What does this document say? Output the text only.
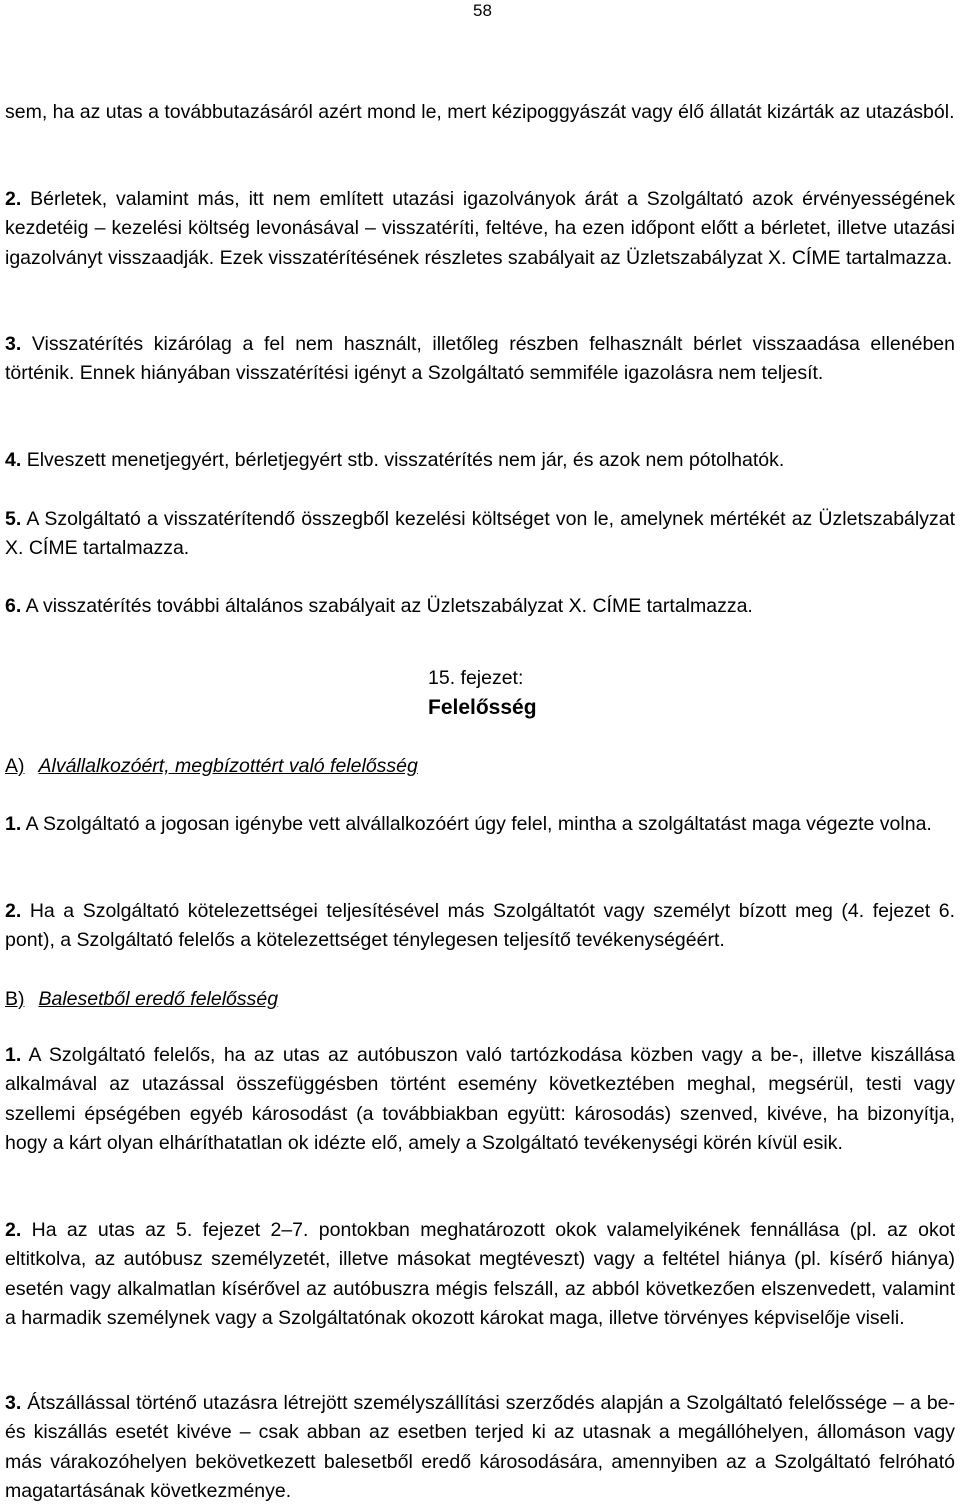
58

sem, ha az utas a továbbutazásáról azért mond le, mert kézipoggyászát vagy élő állatát kizárták az utazásból.

2. Bérletek, valamint más, itt nem említett utazási igazolványok árát a Szolgáltató azok érvényességének kezdetéig – kezelési költség levonásával – visszatéríti, feltéve, ha ezen időpont előtt a bérletet, illetve utazási igazolványt visszaadják. Ezek visszatérítésének részletes szabályait az Üzletszabályzat X. CÍME tartalmazza.

3. Visszatérítés kizárólag a fel nem használt, illetőleg részben felhasznált bérlet visszaadása ellenében történik. Ennek hiányában visszatérítési igényt a Szolgáltató semmiféle igazolásra nem teljesít.

4. Elveszett menetjegyért, bérletjegyért stb. visszatérítés nem jár, és azok nem pótolhatók.

5. A Szolgáltató a visszatérítendő összegből kezelési költséget von le, amelynek mértékét az Üzletszabályzat X. CÍME tartalmazza.

6. A visszatérítés további általános szabályait az Üzletszabályzat X. CÍME tartalmazza.

15. fejezet:
Felelősség
A) Alvállalkozóért, megbízottért való felelősség

1. A Szolgáltató a jogosan igénybe vett alvállalkozóért úgy felel, mintha a szolgáltatást maga végezte volna.

2. Ha a Szolgáltató kötelezettségei teljesítésével más Szolgáltatót vagy személyt bízott meg (4. fejezet 6. pont), a Szolgáltató felelős a kötelezettséget ténylegesen teljesítő tevékenységéért.

B) Balesetből eredő felelősség

1. A Szolgáltató felelős, ha az utas az autóbuszon való tartózkodása közben vagy a be-, illetve kiszállása alkalmával az utazással összefüggésben történt esemény következtében meghal, megsérül, testi vagy szellemi épségében egyéb károsodást (a továbbiakban együtt: károsodás) szenved, kivéve, ha bizonyítja, hogy a kárt olyan elháríthatatlan ok idézte elő, amely a Szolgáltató tevékenységi körén kívül esik.

2. Ha az utas az 5. fejezet 2–7. pontokban meghatározott okok valamelyikének fennállása (pl. az okot eltitkolva, az autóbusz személyzetét, illetve másokat megtéveszt) vagy a feltétel hiánya (pl. kísérő hiánya) esetén vagy alkalmatlan kísérővel az autóbuszra mégis felszáll, az abból következően elszenvedett, valamint a harmadik személynek vagy a Szolgáltatónak okozott károkat maga, illetve törvényes képviselője viseli.

3. Átszállással történő utazásra létrejött személyszállítási szerződés alapján a Szolgáltató felelőssége – a be- és kiszállás esetét kivéve – csak abban az esetben terjed ki az utasnak a megállóhelyen, állomáson vagy más várakozóhelyen bekövetkezett balesetből eredő károsodására, amennyiben az a Szolgáltató felróható magatartásának következménye.
